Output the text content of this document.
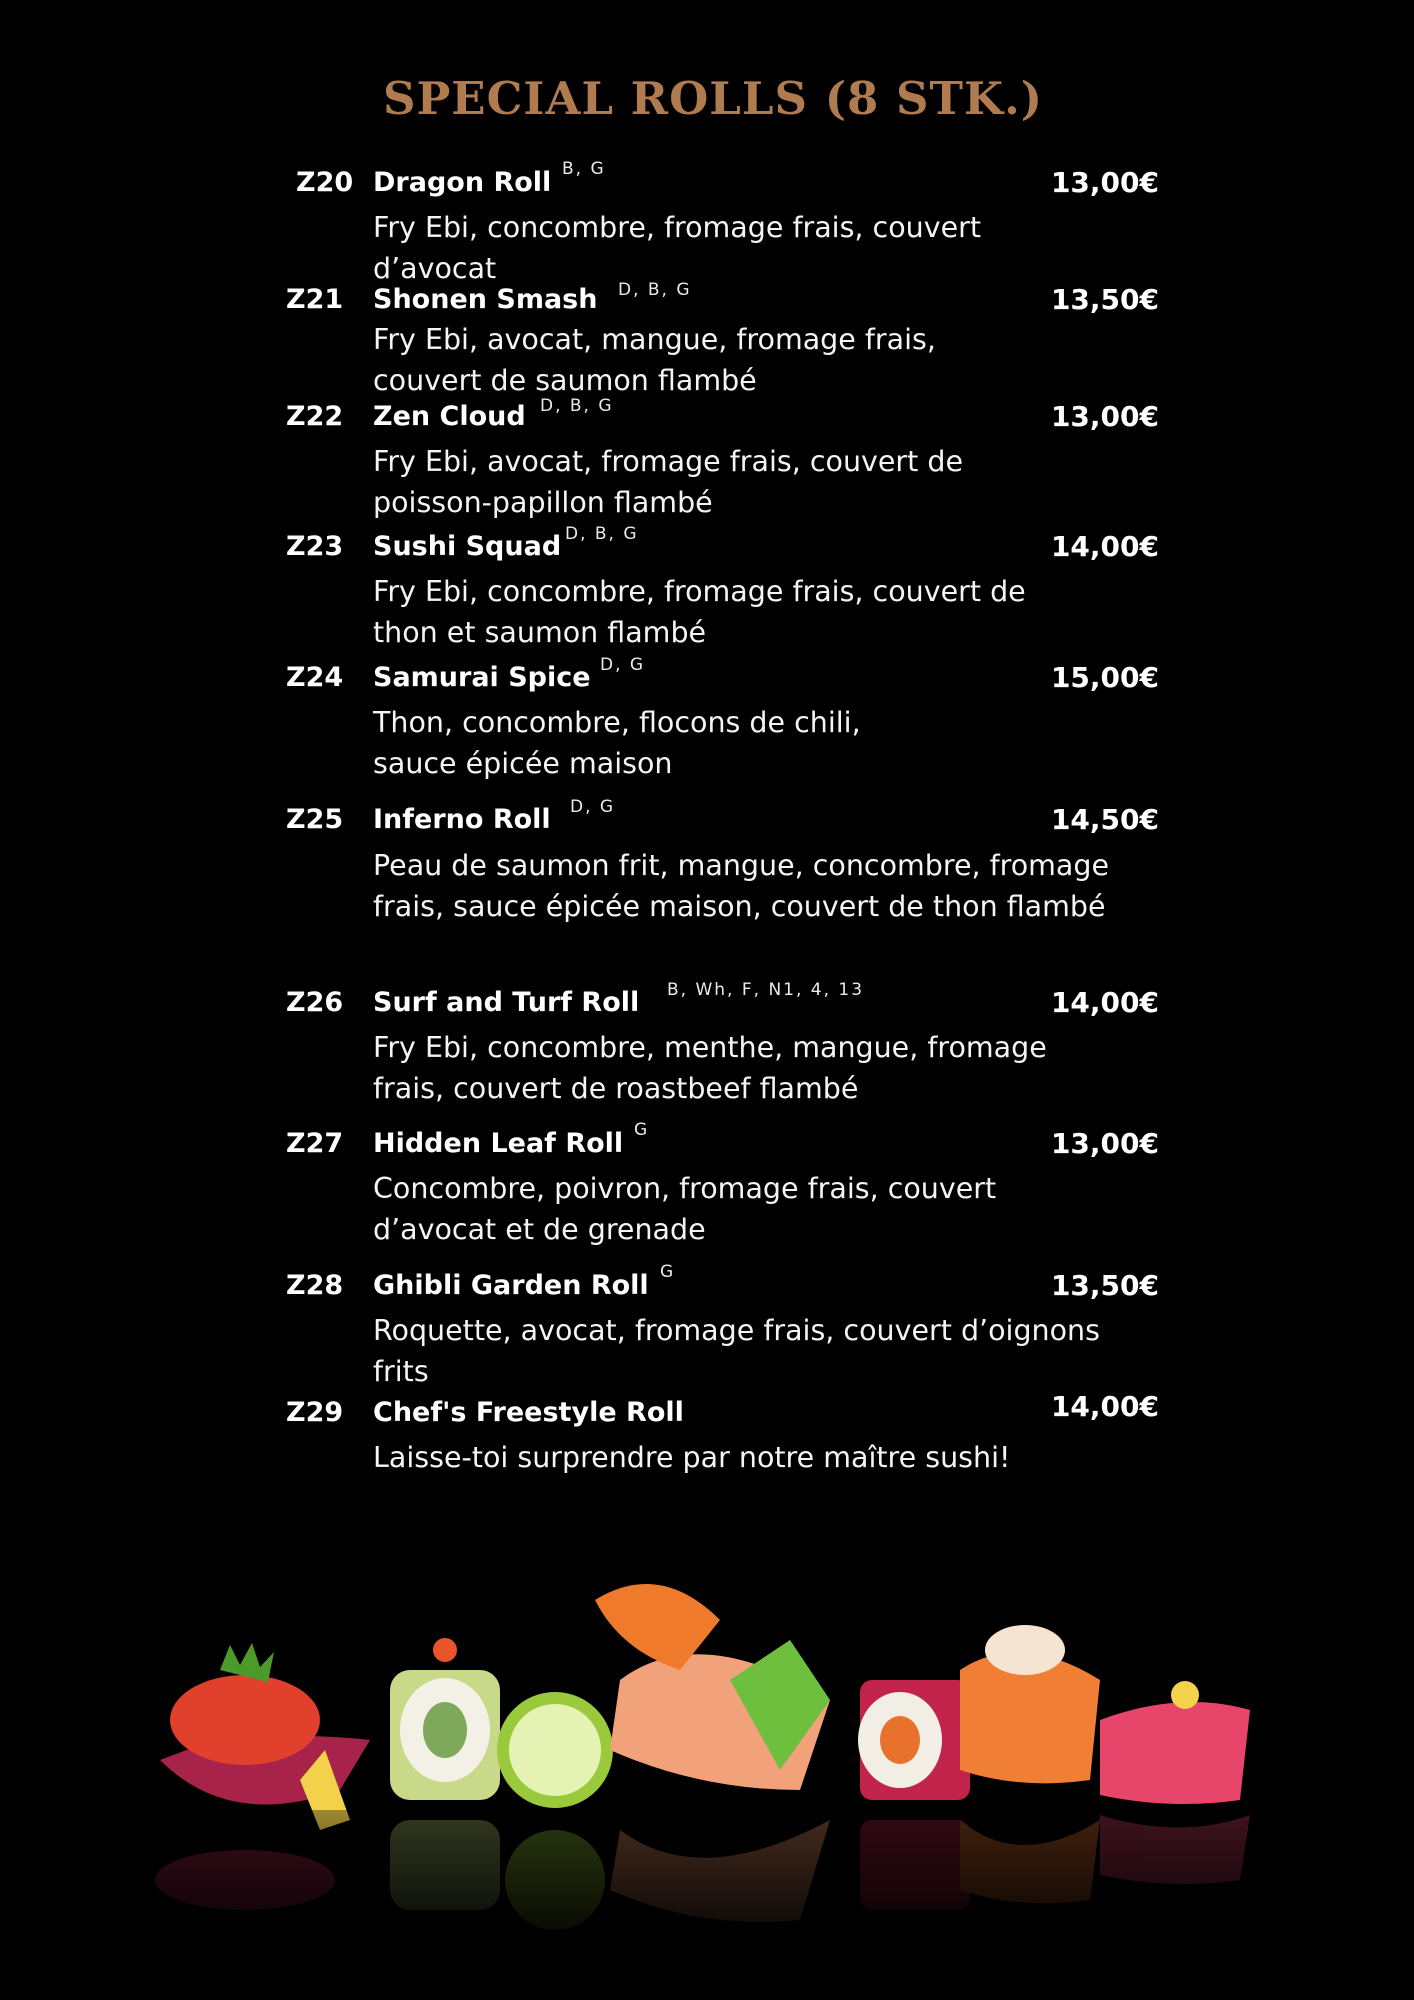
SPECIAL ROLLS (8 STK.)
Z20 Dragon Roll B, G	13,00€
Fry Ebi, concombre, fromage frais, couvert d’avocat
Z21	Shonen Smash D, B, G	13,50€
Fry Ebi, avocat, mangue, fromage frais, couvert de saumon flambé
Z22	Zen Cloud D, B, G	13,00€
Fry Ebi, avocat, fromage frais, couvert de poisson-papillon flambé
Z23	Sushi Squad D, B, G	14,00€
Fry Ebi, concombre, fromage frais, couvert de thon et saumon flambé
Z24	Samurai Spice D, G	15,00€
Thon, concombre, flocons de chili, sauce épicée maison
Z25	Inferno Roll D, G	14,50€
Peau de saumon frit, mangue, concombre, fromage frais, sauce épicée maison, couvert de thon flambé
Z26	Surf and Turf Roll B, Wh, F, N1, 4, 13	14,00€
Fry Ebi, concombre, menthe, mangue, fromage frais, couvert de roastbeef flambé
Z27	Hidden Leaf Roll G	13,00€
Concombre, poivron, fromage frais, couvert d’avocat et de grenade
Z28	Ghibli Garden Roll G	13,50€
Roquette, avocat, fromage frais, couvert d’oignons frits
Z29	Chef's Freestyle Roll	14,00€
Laisse-toi surprendre par notre maître sushi!
